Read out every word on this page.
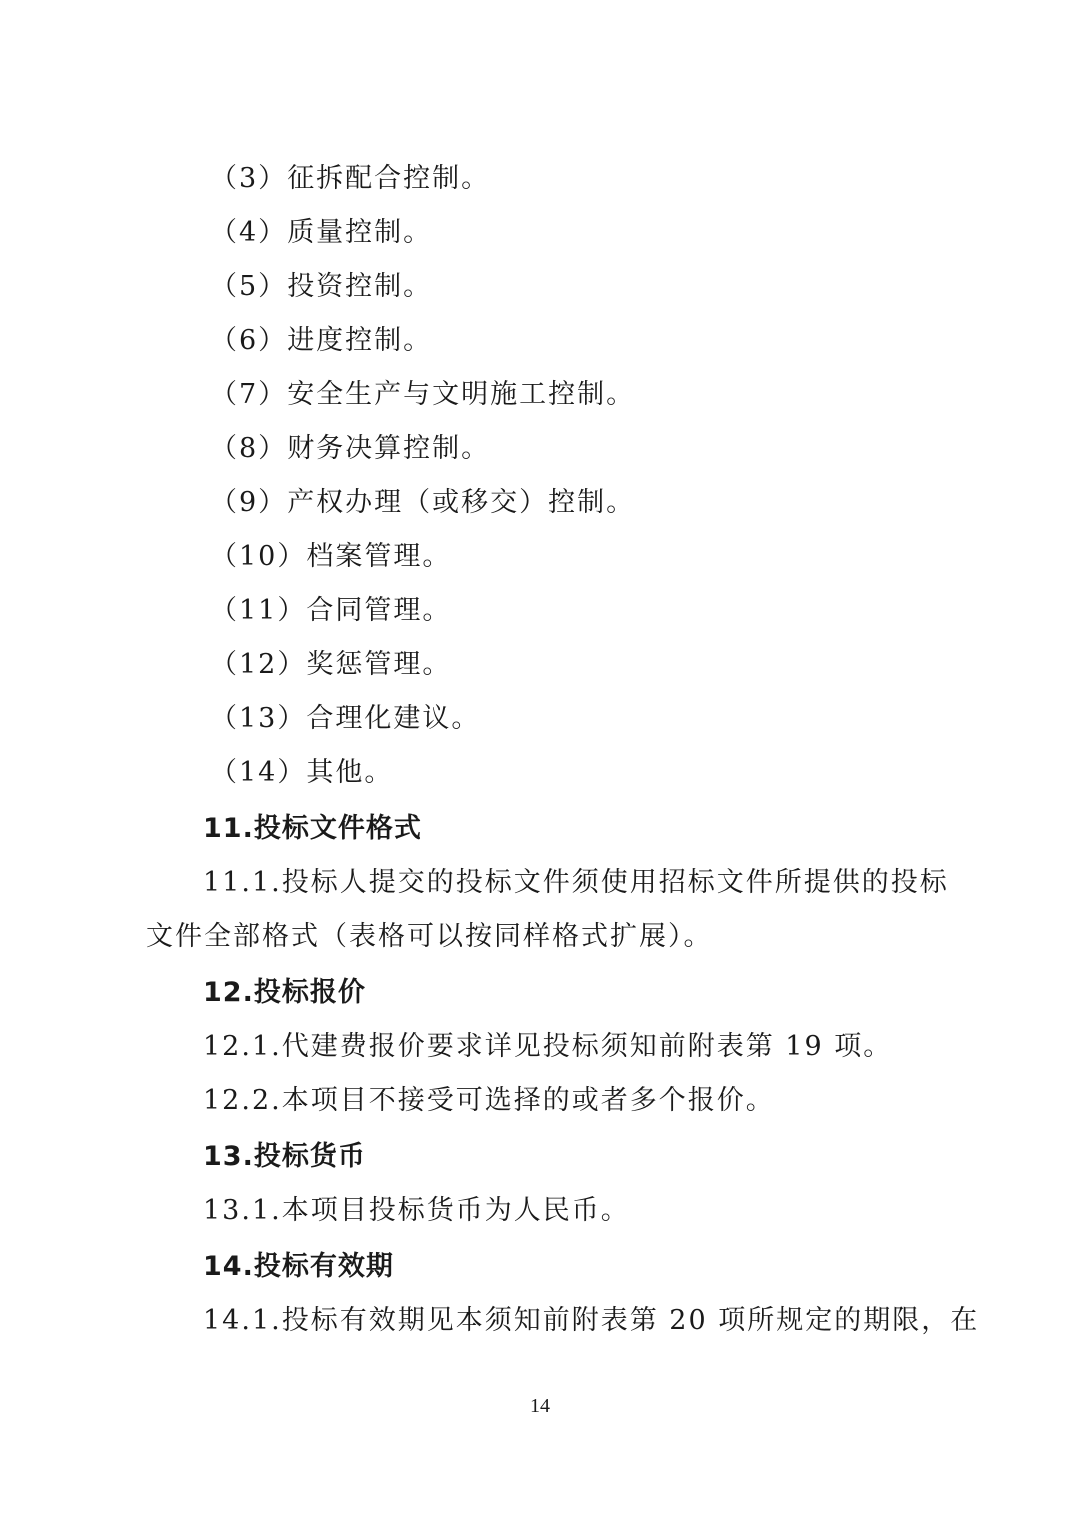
（3）征拆配合控制。
（4）质量控制。
（5）投资控制。
（6）进度控制。
（7）安全生产与文明施工控制。
（8）财务决算控制。
（9）产权办理（或移交）控制。
（10）档案管理。
（11）合同管理。
（12）奖惩管理。
（13）合理化建议。
（14）其他。
11.投标文件格式
11.1.投标人提交的投标文件须使用招标文件所提供的投标
文件全部格式（表格可以按同样格式扩展）。
12.投标报价
12.1.代建费报价要求详见投标须知前附表第 19 项。
12.2.本项目不接受可选择的或者多个报价。
13.投标货币
13.1.本项目投标货币为人民币。
14.投标有效期
14.1.投标有效期见本须知前附表第 20 项所规定的期限，在
14
